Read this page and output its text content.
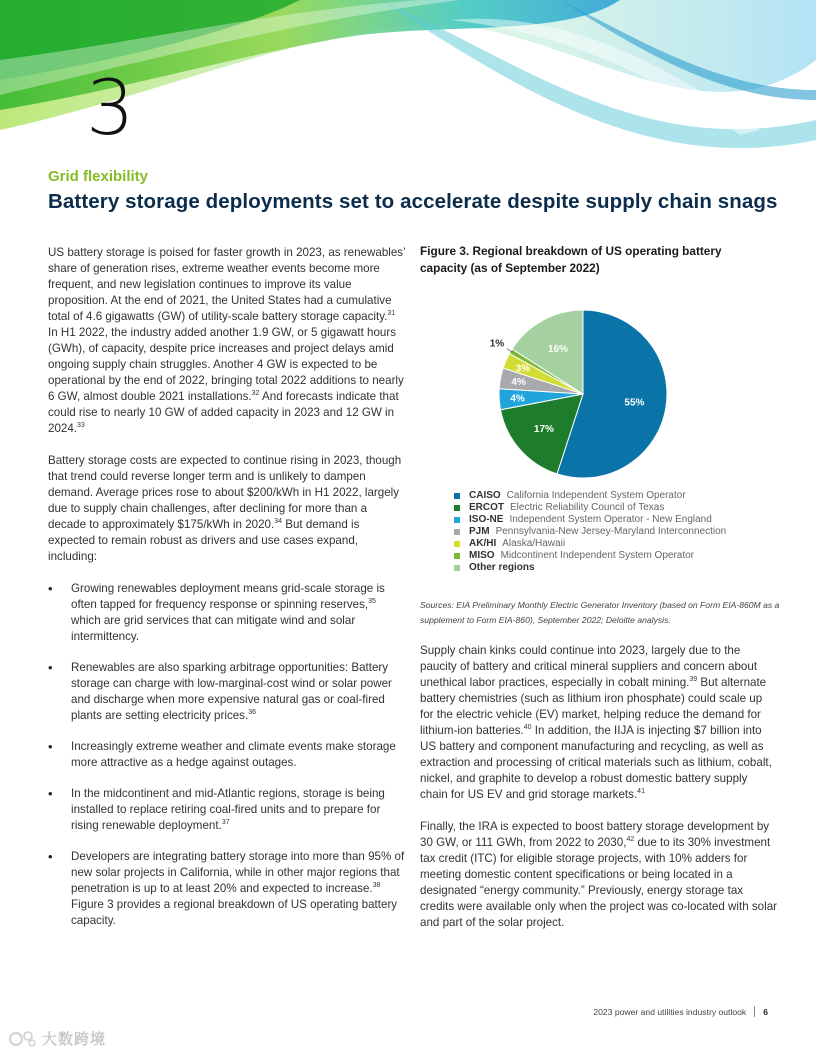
3
Grid flexibility
Battery storage deployments set to accelerate despite supply chain snags

US battery storage is poised for faster growth in 2023, as renewables’ share of generation rises, extreme weather events become more frequent, and new legislation continues to improve its value proposition. At the end of 2021, the United States had a cumulative total of 4.6 gigawatts (GW) of utility-scale battery storage capacity.$^{31}$ In H1 2022, the industry added another 1.9 GW, or 5 gigawatt hours (GWh), of capacity, despite price increases and project delays amid ongoing supply chain struggles. Another 4 GW is expected to be operational by the end of 2022, bringing total 2022 additions to nearly 6 GW, almost double 2021 installations.$^{32}$ And forecasts indicate that could rise to nearly 10 GW of added capacity in 2023 and 12 GW in 2024.33

Battery storage costs are expected to continue rising in 2023, though that trend could reverse longer term and is unlikely to dampen demand. Average prices rose to about $200/kWh in H1 2022, largely due to supply chain challenges, after declining for more than a decade to approximately $175/kWh in 2020.34 But demand is expected to remain robust as drivers and use cases expand, including:

• Growing renewables deployment means grid-scale storage is often tapped for frequency response or spinning reserves,$^{35}$ which are grid services that can mitigate wind and solar intermittency.
• Renewables are also sparking arbitrage opportunities: Battery storage can charge with low-marginal-cost wind or solar power and discharge when more expensive natural gas or coal-fired plants are setting electricity prices.$^{36}$
• Increasingly extreme weather and climate events make storage more attractive as a hedge against outages.
• In the midcontinent and mid-Atlantic regions, storage is being installed to replace retiring coal-fired units and to prepare for rising renewable deployment.$^{37}$
• Developers are integrating battery storage into more than 95% of new solar projects in California, while in other major regions that penetration is up to at least 20% and expected to increase.$^{38}$ Figure 3 provides a regional breakdown of US operating battery capacity.
Figure 3. Regional breakdown of US operating battery capacity (as of September 2022)
55%
17%
4%
4%
3%
1%	16%
CAISO California Independent System Operator
ERCOT Electric Reliability Council of Texas
ISO-NE Independent System Operator - New England
PJM Pennsylvania-New Jersey-Maryland Interconnection
AK/HI Alaska/Hawaii
MISO Midcontinent Independent System Operator
Other regions
Sources: EIA Preliminary Monthly Electric Generator Inventory (based on Form EIA-860M as a supplement to Form EIA-860), September 2022; Deloitte analysis.

Supply chain kinks could continue into 2023, largely due to the paucity of battery and critical mineral suppliers and concern about unethical labor practices, especially in cobalt mining.$^{39}$ But alternate battery chemistries (such as lithium iron phosphate) could scale up for the electric vehicle (EV) market, helping reduce the demand for lithium-ion batteries.$^{40}$ In addition, the IIJA is injecting $7 billion into US battery and component manufacturing and recycling, as well as extraction and processing of critical materials such as lithium, cobalt, nickel, and graphite to develop a robust domestic battery supply chain for US EV and grid storage markets.$^{41}$

Finally, the IRA is expected to boost battery storage development by 30 GW, or 111 GWh, from 2022 to 2030,42 due to its 30% investment tax credit (ITC) for eligible storage projects, with 10% adders for meeting domestic content specifications or being located in a designated “energy community.” Previously, energy storage tax credits were available only when the project was co-located with solar and part of the solar project.

2023 power and utilities industry outlook 6
大数跨境
